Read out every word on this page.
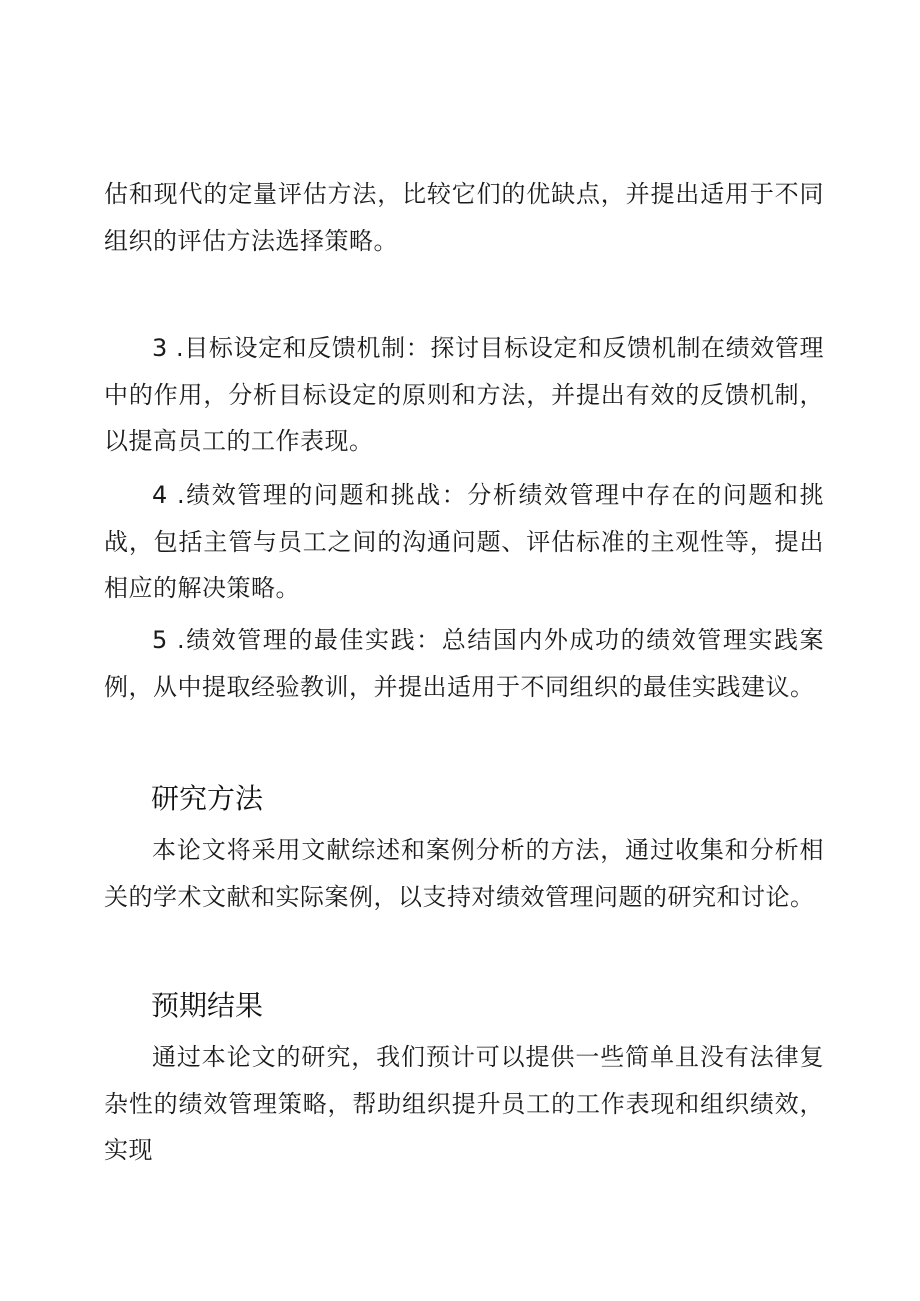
估和现代的定量评估方法，比较它们的优缺点，并提出适用于不同组织的评估方法选择策略。

3 .目标设定和反馈机制：探讨目标设定和反馈机制在绩效管理中的作用，分析目标设定的原则和方法，并提出有效的反馈机制，以提高员工的工作表现。

4 .绩效管理的问题和挑战：分析绩效管理中存在的问题和挑战，包括主管与员工之间的沟通问题、评估标准的主观性等，提出相应的解决策略。

5 .绩效管理的最佳实践：总结国内外成功的绩效管理实践案例，从中提取经验教训，并提出适用于不同组织的最佳实践建议。

研究方法

本论文将采用文献综述和案例分析的方法，通过收集和分析相关的学术文献和实际案例，以支持对绩效管理问题的研究和讨论。

预期结果

通过本论文的研究，我们预计可以提供一些简单且没有法律复杂性的绩效管理策略，帮助组织提升员工的工作表现和组织绩效，实现
